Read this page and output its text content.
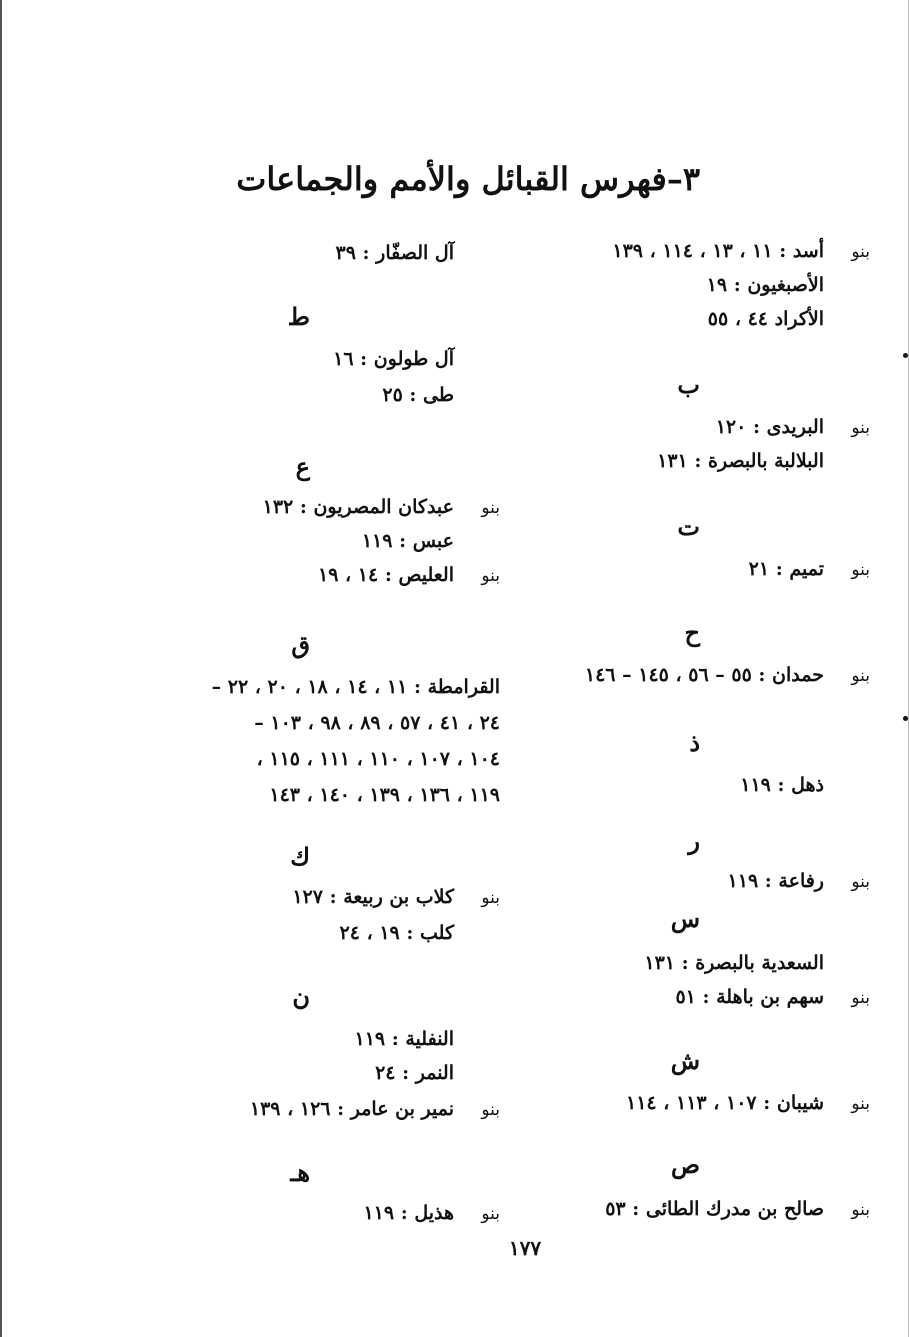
٣–فهرس القبائل والأمم والجماعات
بنوأسد : ١١ ، ١٣ ، ١١٤ ، ١٣٩
الأصبغيون : ١٩
الأكراد ٤٤ ، ٥٥
ب
بنوالبريدى : ١٢٠
البلالبة بالبصرة : ١٣١
ت
بنوتميم : ٢١
ح
بنوحمدان : ٥٥ – ٥٦ ، ١٤٥ – ١٤٦
ذ
ذهل : ١١٩
ر
بنورفاعة : ١١٩
س
السعدية بالبصرة : ١٣١
بنوسهم بن باهلة : ٥١
ش
بنوشيبان : ١٠٧ ، ١١٣ ، ١١٤
ص
بنوصالح بن مدرك الطائى : ٥٣
آل الصفّار : ٣٩
ط
آل طولون : ١٦
طى : ٢٥
ع
بنوعبدكان المصريون : ١٣٢
عبس : ١١٩
بنوالعليص : ١٤ ، ١٩
ق
القرامطة : ١١ ، ١٤ ، ١٨ ، ٢٠ ، ٢٢ –
٢٤ ، ٤١ ، ٥٧ ، ٨٩ ، ٩٨ ، ١٠٣ –
١٠٤ ، ١٠٧ ، ١١٠ ، ١١١ ، ١١٥ ،
١١٩ ، ١٣٦ ، ١٣٩ ، ١٤٠ ، ١٤٣
ك
بنوكلاب بن ربيعة : ١٢٧
كلب : ١٩ ، ٢٤
ن
النفلية : ١١٩
النمر : ٢٤
بنونمير بن عامر : ١٢٦ ، ١٣٩
هـ
بنوهذيل : ١١٩
١٧٧
